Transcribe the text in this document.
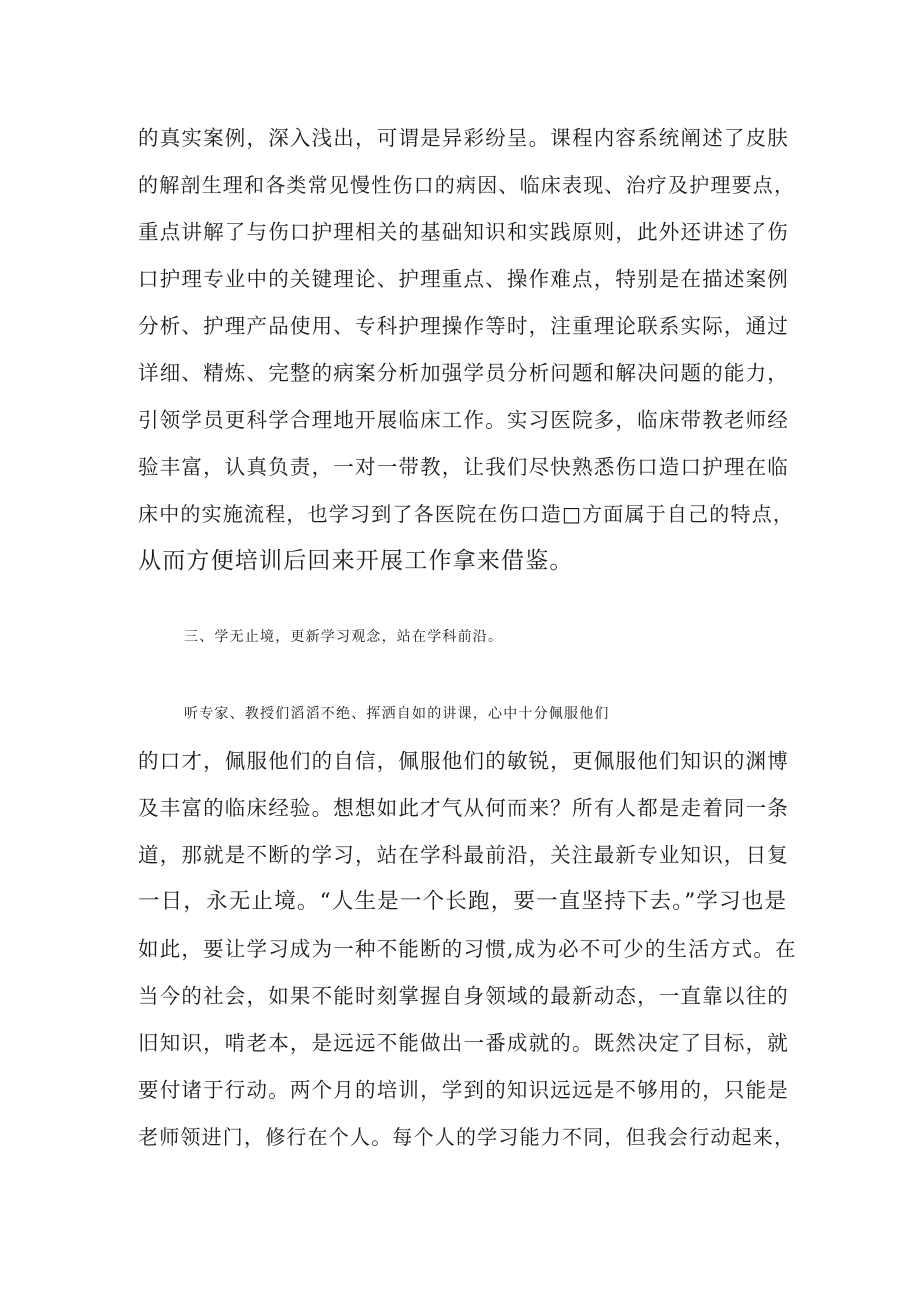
的真实案例，深入浅出，可谓是异彩纷呈。课程内容系统阐述了皮肤
的解剖生理和各类常见慢性伤口的病因、临床表现、治疗及护理要点，
重点讲解了与伤口护理相关的基础知识和实践原则，此外还讲述了伤
口护理专业中的关键理论、护理重点、操作难点，特别是在描述案例
分析、护理产品使用、专科护理操作等时，注重理论联系实际，通过
详细、精炼、完整的病案分析加强学员分析问题和解决问题的能力，
引领学员更科学合理地开展临床工作。实习医院多，临床带教老师经
验丰富，认真负责，一对一带教，让我们尽快熟悉伤口造口护理在临
床中的实施流程，也学习到了各医院在伤口造□方面属于自己的特点，
从而方便培训后回来开展工作拿来借鉴。
三、学无止境，更新学习观念，站在学科前沿。
听专家、教授们滔滔不绝、挥洒自如的讲课，心中十分佩服他们
的口才，佩服他们的自信，佩服他们的敏锐，更佩服他们知识的渊博
及丰富的临床经验。想想如此才气从何而来？所有人都是走着同一条
道，那就是不断的学习，站在学科最前沿，关注最新专业知识，日复
一日，永无止境。“人生是一个长跑，要一直坚持下去。”学习也是
如此，要让学习成为一种不能断的习惯,成为必不可少的生活方式。在
当今的社会，如果不能时刻掌握自身领域的最新动态，一直靠以往的
旧知识，啃老本，是远远不能做出一番成就的。既然决定了目标，就
要付诸于行动。两个月的培训，学到的知识远远是不够用的，只能是
老师领进门，修行在个人。每个人的学习能力不同，但我会行动起来，
